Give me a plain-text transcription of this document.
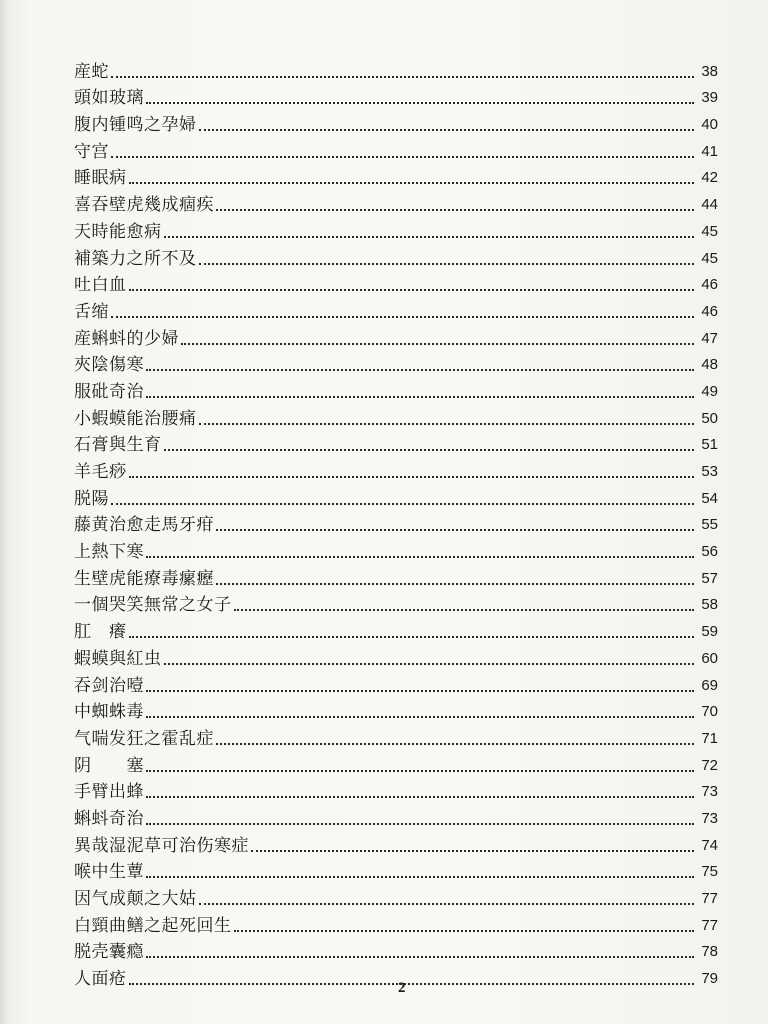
産蛇	38
頭如玻璃	39
腹内锺鸣之孕婦	40
守宫	41
睡眠病	42
喜吞壁虎幾成痼疾	44
天時能愈病	45
補築力之所不及	45
吐白血	46
舌缩	46
産蝌蚪的少婦	47
夾陰傷寒	48
服砒奇治	49
小蝦蟆能治腰痛	50
石膏與生育	51
羊毛痧	53
脱陽	54
藤黄治愈走馬牙疳	55
上熱下寒	56
生壁虎能療毒瘰癧	57
一個哭笑無常之女子	58
肛　癢	59
蝦蟆與紅虫	60
吞剑治噎	69
中蜘蛛毒	70
气喘发狂之霍乱症	71
阴　　塞	72
手臂出蜂	73
蝌蚪奇治	73
異哉湿泥草可治伤寒症	74
喉中生蕈	75
因气成颠之大姑	77
白頸曲鳝之起死回生	77
脱壳囊瘾	78
人面疮	79
2
